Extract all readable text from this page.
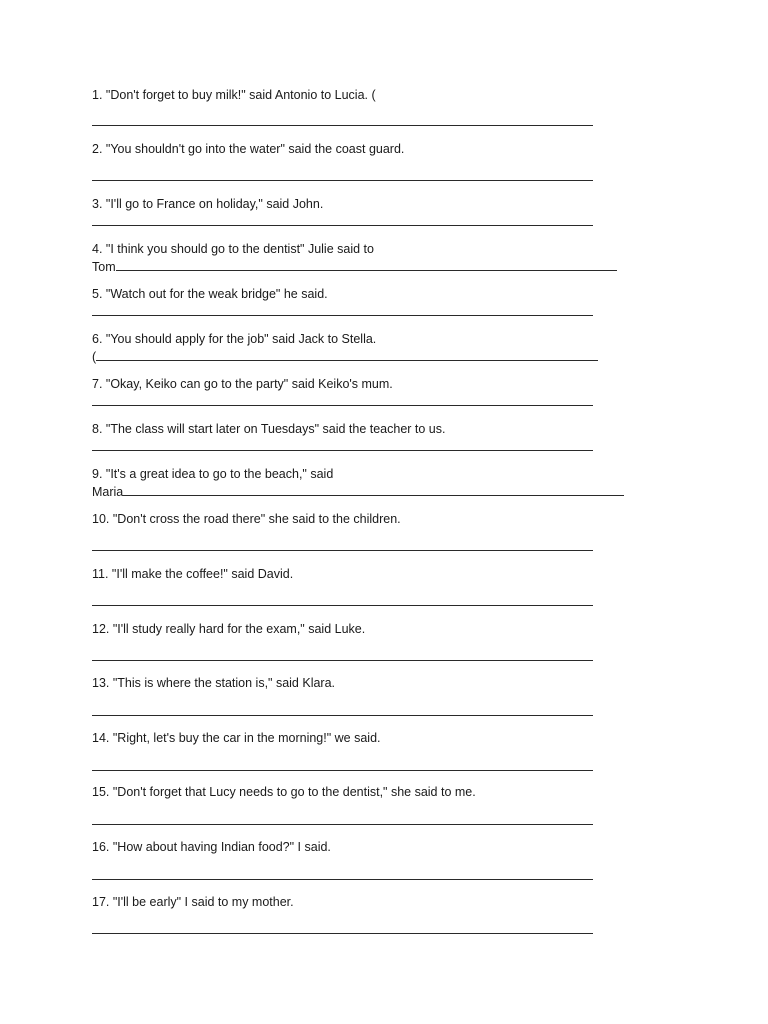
1. "Don't forget to buy milk!" said Antonio to Lucia. (

2. "You shouldn't go into the water" said the coast guard.

3. "I'll go to France on holiday," said John.

4. "I think you should go to the dentist" Julie said to

Tom

5. "Watch out for the weak bridge" he said.

6. "You should apply for the job" said Jack to Stella.

(

7. "Okay, Keiko can go to the party" said Keiko's mum.

8. "The class will start later on Tuesdays" said the teacher to us.

9. "It's a great idea to go to the beach," said

Maria

10. "Don't cross the road there" she said to the children.

11. "I'll make the coffee!" said David.

12. "I'll study really hard for the exam," said Luke.

13. "This is where the station is," said Klara.

14. "Right, let's buy the car in the morning!" we said.

15. "Don't forget that Lucy needs to go to the dentist," she said to me.

16. "How about having Indian food?" I said.

17. "I'll be early" I said to my mother.
